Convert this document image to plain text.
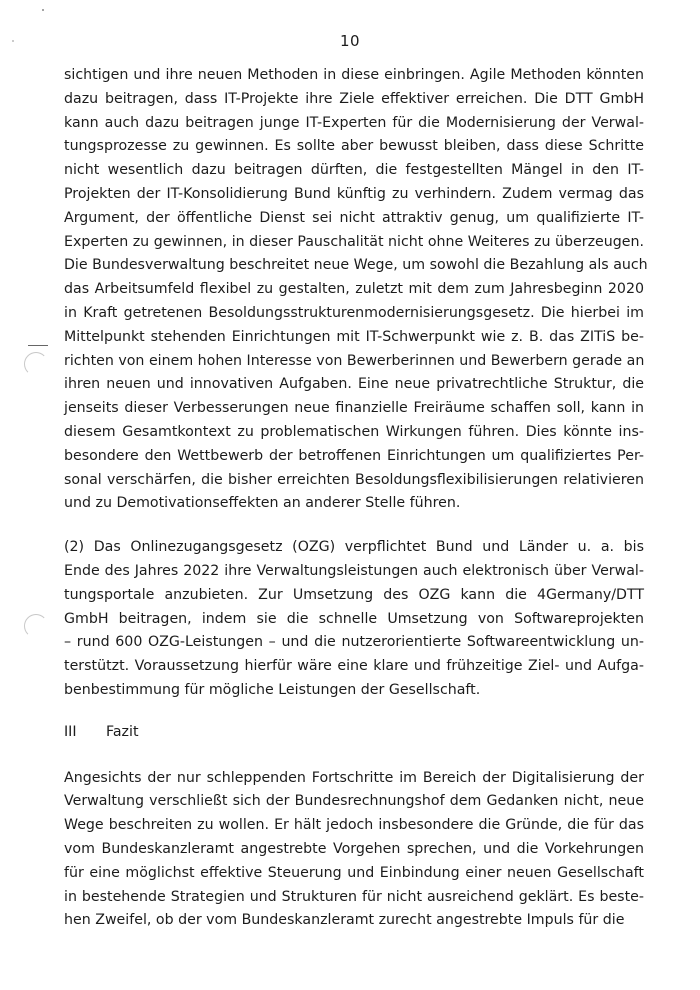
10
sichtigen und ihre neuen Methoden in diese einbringen. Agile Methoden könnten
dazu beitragen, dass IT-Projekte ihre Ziele effektiver erreichen. Die DTT GmbH
kann auch dazu beitragen junge IT-Experten für die Modernisierung der Verwal-
tungsprozesse zu gewinnen. Es sollte aber bewusst bleiben, dass diese Schritte
nicht wesentlich dazu beitragen dürften, die festgestellten Mängel in den IT-
Projekten der IT-Konsolidierung Bund künftig zu verhindern. Zudem vermag das
Argument, der öffentliche Dienst sei nicht attraktiv genug, um qualifizierte IT-
Experten zu gewinnen, in dieser Pauschalität nicht ohne Weiteres zu überzeugen.
Die Bundesverwaltung beschreitet neue Wege, um sowohl die Bezahlung als auch
das Arbeitsumfeld flexibel zu gestalten, zuletzt mit dem zum Jahresbeginn 2020
in Kraft getretenen Besoldungsstrukturenmodernisierungsgesetz. Die hierbei im
Mittelpunkt stehenden Einrichtungen mit IT-Schwerpunkt wie z. B. das ZITiS be-
richten von einem hohen Interesse von Bewerberinnen und Bewerbern gerade an
ihren neuen und innovativen Aufgaben. Eine neue privatrechtliche Struktur, die
jenseits dieser Verbesserungen neue finanzielle Freiräume schaffen soll, kann in
diesem Gesamtkontext zu problematischen Wirkungen führen. Dies könnte ins-
besondere den Wettbewerb der betroffenen Einrichtungen um qualifiziertes Per-
sonal verschärfen, die bisher erreichten Besoldungsflexibilisierungen relativieren
und zu Demotivationseffekten an anderer Stelle führen.
(2) Das Onlinezugangsgesetz (OZG) verpflichtet Bund und Länder u. a. bis
Ende des Jahres 2022 ihre Verwaltungsleistungen auch elektronisch über Verwal-
tungsportale anzubieten. Zur Umsetzung des OZG kann die 4Germany/DTT
GmbH beitragen, indem sie die schnelle Umsetzung von Softwareprojekten
– rund 600 OZG-Leistungen – und die nutzerorientierte Softwareentwicklung un-
terstützt. Voraussetzung hierfür wäre eine klare und frühzeitige Ziel- und Aufga-
benbestimmung für mögliche Leistungen der Gesellschaft.
III	Fazit
Angesichts der nur schleppenden Fortschritte im Bereich der Digitalisierung der
Verwaltung verschließt sich der Bundesrechnungshof dem Gedanken nicht, neue
Wege beschreiten zu wollen. Er hält jedoch insbesondere die Gründe, die für das
vom Bundeskanzleramt angestrebte Vorgehen sprechen, und die Vorkehrungen
für eine möglichst effektive Steuerung und Einbindung einer neuen Gesellschaft
in bestehende Strategien und Strukturen für nicht ausreichend geklärt. Es beste-
hen Zweifel, ob der vom Bundeskanzleramt zurecht angestrebte Impuls für die
